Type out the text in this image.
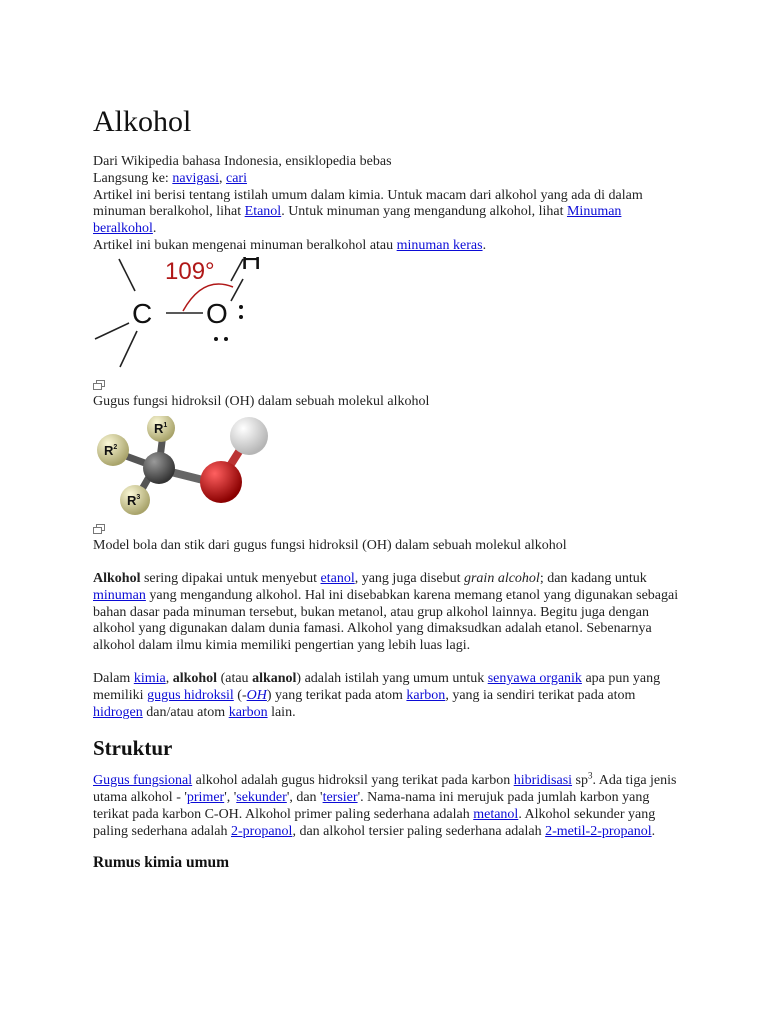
Alkohol

Dari Wikipedia bahasa Indonesia, ensiklopedia bebas

Langsung ke: navigasi, cari

Artikel ini berisi tentang istilah umum dalam kimia. Untuk macam dari alkohol yang ada di dalam minuman beralkohol, lihat Etanol. Untuk minuman yang mengandung alkohol, lihat Minuman beralkohol.

Artikel ini bukan mengenai minuman beralkohol atau minuman keras.

109° H
C O

Gugus fungsi hidroksil (OH) dalam sebuah molekul alkohol

$R^1$
$R^2$
$R^3$

Model bola dan stik dari gugus fungsi hidroksil (OH) dalam sebuah molekul alkohol

Alkohol sering dipakai untuk menyebut etanol, yang juga disebut grain alcohol; dan kadang untuk minuman yang mengandung alkohol. Hal ini disebabkan karena memang etanol yang digunakan sebagai bahan dasar pada minuman tersebut, bukan metanol, atau grup alkohol lainnya. Begitu juga dengan alkohol yang digunakan dalam dunia famasi. Alkohol yang dimaksudkan adalah etanol. Sebenarnya alkohol dalam ilmu kimia memiliki pengertian yang lebih luas lagi.

Dalam kimia, alkohol (atau alkanol) adalah istilah yang umum untuk senyawa organik apa pun yang memiliki gugus hidroksil (-OH) yang terikat pada atom karbon, yang ia sendiri terikat pada atom hidrogen dan/atau atom karbon lain.

Struktur

Gugus fungsional alkohol adalah gugus hidroksil yang terikat pada karbon hibridisasi $sp^3$. Ada tiga jenis utama alkohol - 'primer', 'sekunder', dan 'tersier'. Nama-nama ini merujuk pada jumlah karbon yang terikat pada karbon C-OH. Alkohol primer paling sederhana adalah metanol. Alkohol sekunder yang paling sederhana adalah 2-propanol, dan alkohol tersier paling sederhana adalah 2-metil-2-propanol.

Rumus kimia umum
